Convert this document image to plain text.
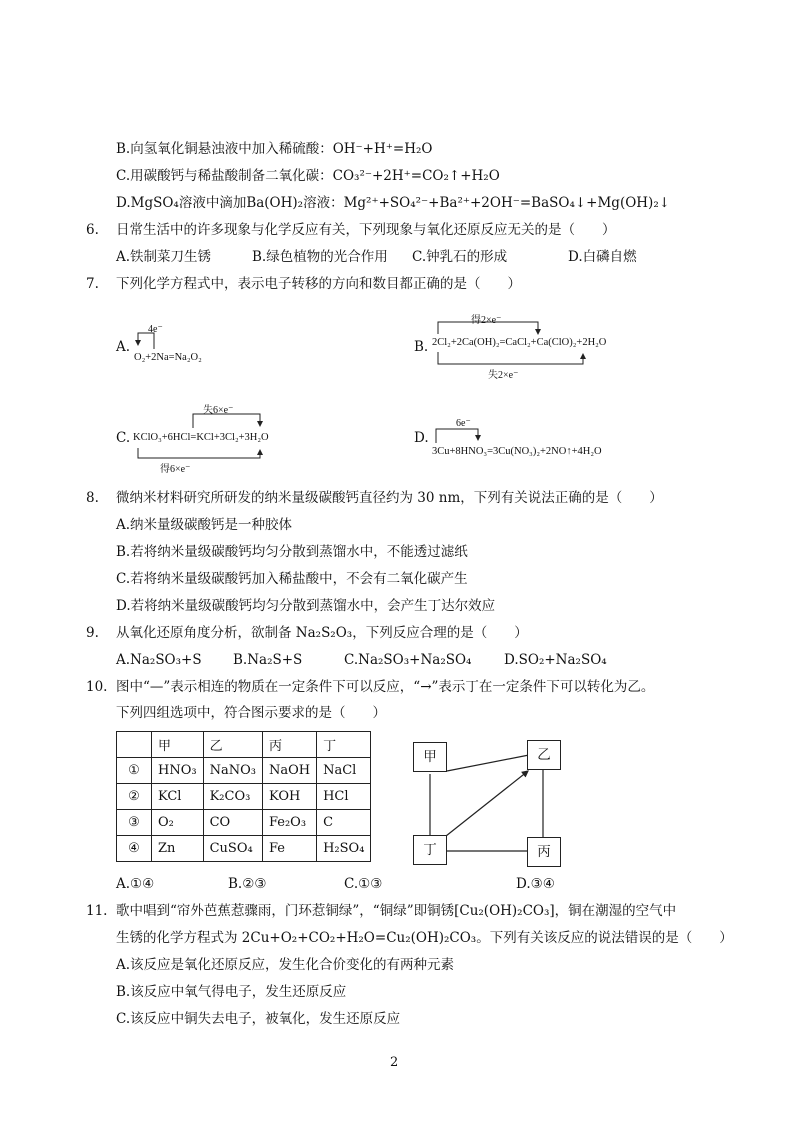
B.向氢氧化铜悬浊液中加入稀硫酸：OH⁻+H⁺=H₂O
C.用碳酸钙与稀盐酸制备二氧化碳：CO₃²⁻+2H⁺=CO₂↑+H₂O
D.MgSO₄溶液中滴加Ba(OH)₂溶液：Mg²⁺+SO₄²⁻+Ba²⁺+2OH⁻=BaSO₄↓+Mg(OH)₂↓
6. 日常生活中的许多现象与化学反应有关，下列现象与氧化还原反应无关的是（　　）
A.铁制菜刀生锈	B.绿色植物的光合作用 C.钟乳石的形成	D.白磷自燃
7. 下列化学方程式中，表示电子转移的方向和数目都正确的是（　　）
A.
4e⁻
O₂+2Na=Na₂O₂
B.
得2×e⁻
2Cl₂+2Ca(OH)₂=CaCl₂+Ca(ClO)₂+2H₂O
失2×e⁻
C.
失6×e⁻
KClO₃+6HCl=KCl+3Cl₂+3H₂O
得6×e⁻
D.
6e⁻
3Cu+8HNO₃=3Cu(NO₃)₂+2NO↑+4H₂O
8. 微纳米材料研究所研发的纳米量级碳酸钙直径约为 30 nm，下列有关说法正确的是（　　）
A.纳米量级碳酸钙是一种胶体
B.若将纳米量级碳酸钙均匀分散到蒸馏水中，不能透过滤纸
C.若将纳米量级碳酸钙加入稀盐酸中，不会有二氧化碳产生
D.若将纳米量级碳酸钙均匀分散到蒸馏水中，会产生丁达尔效应
9. 从氧化还原角度分析，欲制备 Na₂S₂O₃，下列反应合理的是（　　）
A.Na₂SO₃+S B.Na₂S+S	C.Na₂SO₃+Na₂SO₄ D.SO₂+Na₂SO₄
10. 图中“—”表示相连的物质在一定条件下可以反应，“→”表示丁在一定条件下可以转化为乙。
下列四组选项中，符合图示要求的是（　　）
	甲	乙	丙	丁
①	HNO₃	NaNO₃	NaOH	NaCl
②	KCl	K₂CO₃	KOH	HCl
③	O₂	CO	Fe₂O₃	C
④	Zn	CuSO₄	Fe	H₂SO₄
甲	乙
丁	丙
A.①④	B.②③	C.①③	D.③④
11. 歌中唱到“帘外芭蕉惹骤雨，门环惹铜绿”，“铜绿”即铜锈[Cu₂(OH)₂CO₃]，铜在潮湿的空气中
生锈的化学方程式为 2Cu+O₂+CO₂+H₂O=Cu₂(OH)₂CO₃。下列有关该反应的说法错误的是（　　）
A.该反应是氧化还原反应，发生化合价变化的有两种元素
B.该反应中氧气得电子，发生还原反应
C.该反应中铜失去电子，被氧化，发生还原反应
2
